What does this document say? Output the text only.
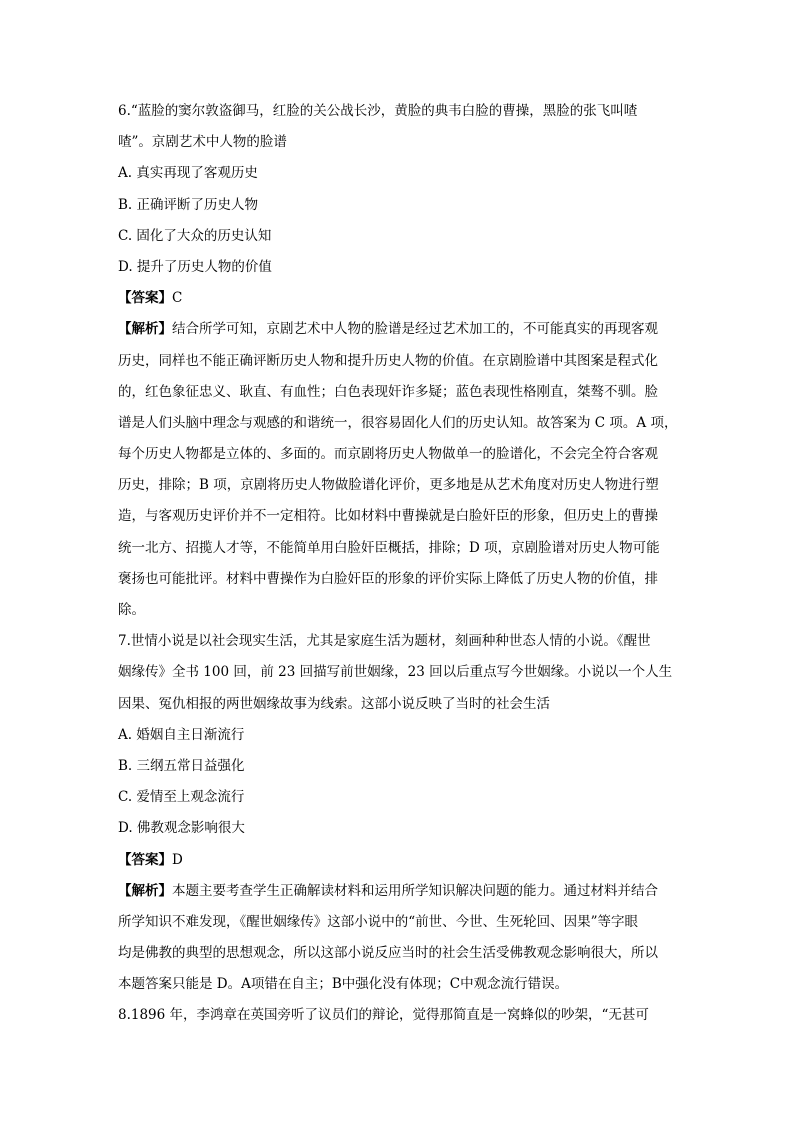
6.“蓝脸的窦尔敦盗御马，红脸的关公战长沙，黄脸的典韦白脸的曹操，黑脸的张飞叫喳
喳”。京剧艺术中人物的脸谱
A. 真实再现了客观历史
B. 正确评断了历史人物
C. 固化了大众的历史认知
D. 提升了历史人物的价值
【答案】C
【解析】结合所学可知，京剧艺术中人物的脸谱是经过艺术加工的，不可能真实的再现客观
历史，同样也不能正确评断历史人物和提升历史人物的价值。在京剧脸谱中其图案是程式化
的，红色象征忠义、耿直、有血性；白色表现奸诈多疑；蓝色表现性格刚直，桀骜不驯。脸
谱是人们头脑中理念与观感的和谐统一，很容易固化人们的历史认知。故答案为 C 项。A 项，
每个历史人物都是立体的、多面的。而京剧将历史人物做单一的脸谱化，不会完全符合客观
历史，排除；B 项，京剧将历史人物做脸谱化评价，更多地是从艺术角度对历史人物进行塑
造，与客观历史评价并不一定相符。比如材料中曹操就是白脸奸臣的形象，但历史上的曹操
统一北方、招揽人才等，不能简单用白脸奸臣概括，排除；D 项，京剧脸谱对历史人物可能
褒扬也可能批评。材料中曹操作为白脸奸臣的形象的评价实际上降低了历史人物的价值，排
除。
7.世情小说是以社会现实生活，尤其是家庭生活为题材，刻画种种世态人情的小说。《醒世
姻缘传》全书 100 回，前 23 回描写前世姻缘，23 回以后重点写今世姻缘。小说以一个人生
因果、冤仇相报的两世姻缘故事为线索。这部小说反映了当时的社会生活
A. 婚姻自主日渐流行
B. 三纲五常日益强化
C. 爱情至上观念流行
D. 佛教观念影响很大
【答案】D
【解析】本题主要考查学生正确解读材料和运用所学知识解决问题的能力。通过材料并结合
所学知识不难发现，《醒世姻缘传》这部小说中的“前世、今世、生死轮回、因果”等字眼
均是佛教的典型的思想观念，所以这部小说反应当时的社会生活受佛教观念影响很大，所以
本题答案只能是 D。A项错在自主；B中强化没有体现；C中观念流行错误。
8.1896 年，李鸿章在英国旁听了议员们的辩论，觉得那简直是一窝蜂似的吵架，“无甚可
